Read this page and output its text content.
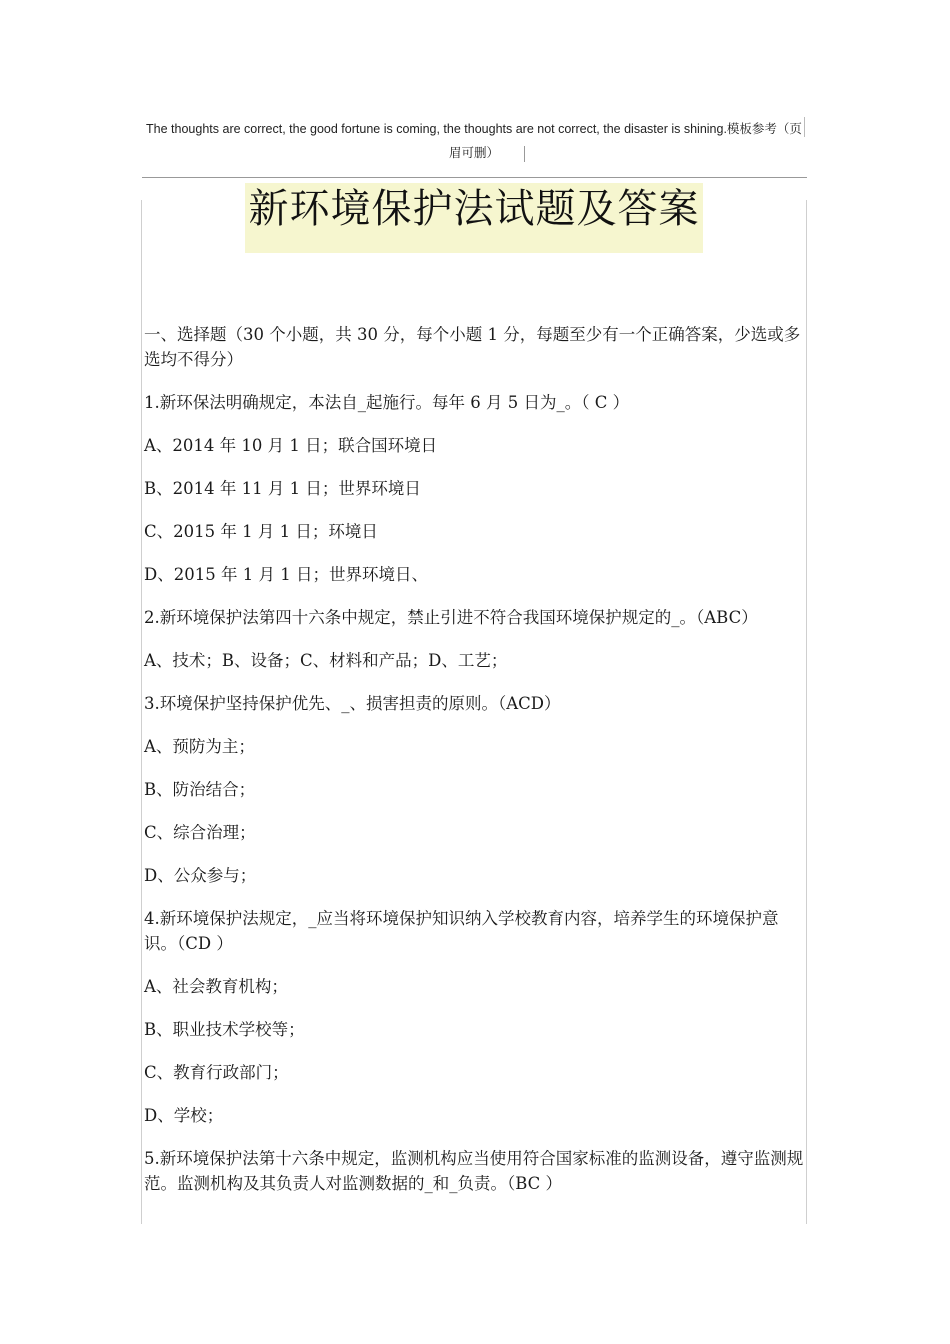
The thoughts are correct, the good fortune is coming, the thoughts are not correct, the disaster is shining.模板参考（页眉可删）
新环境保护法试题及答案

一、选择题（30 个小题，共 30 分，每个小题 1 分，每题至少有一个正确答案，少选或多选均不得分）

1.新环保法明确规定，本法自_起施行。每年 6 月 5 日为_。（ C ）

A、2014 年 10 月 1 日；联合国环境日

B、2014 年 11 月 1 日；世界环境日

C、2015 年 1 月 1 日；环境日

D、2015 年 1 月 1 日；世界环境日、

2.新环境保护法第四十六条中规定，禁止引进不符合我国环境保护规定的_。（ABC）

A、技术；B、设备；C、材料和产品；D、工艺；

3.环境保护坚持保护优先、_、损害担责的原则。（ACD）

A、预防为主；

B、防治结合；

C、综合治理；

D、公众参与；

4.新环境保护法规定，_应当将环境保护知识纳入学校教育内容，培养学生的环境保护意识。（CD ）

A、社会教育机构；

B、职业技术学校等；

C、教育行政部门；

D、学校；

5.新环境保护法第十六条中规定，监测机构应当使用符合国家标准的监测设备，遵守监测规范。监测机构及其负责人对监测数据的_和_负责。（BC ）
